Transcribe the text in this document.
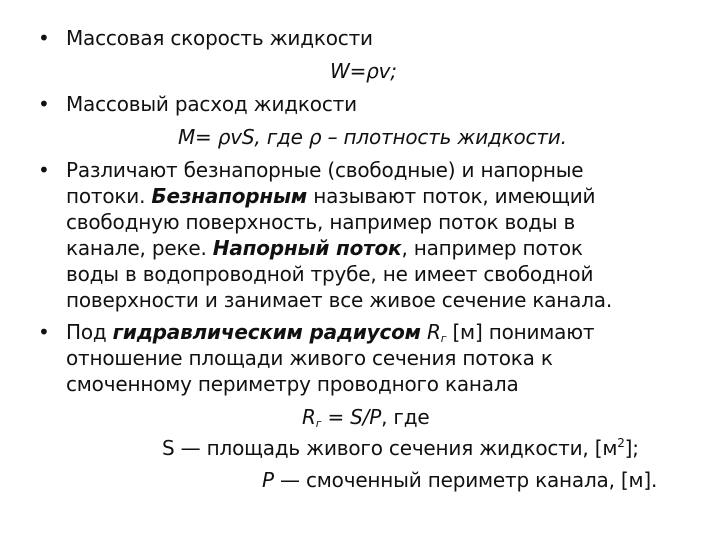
• Массовая скорость жидкости
W=ρv;
• Массовый расход жидкости
M= ρvS, где ρ – плотность жидкости.
• Различают безнапорные (свободные) и напорные
потоки. Безнапорным называют поток, имеющий
свободную поверхность, например поток воды в
канале, реке. Напорный поток, например поток
воды в водопроводной трубе, не имеет свободной
поверхности и занимает все живое сечение канала.
• Под гидравлическим радиусом $R_г$ [м] понимают
отношение площади живого сечения потока к
смоченному периметру проводного канала
$R_г = S/P$, где
S — площадь живого сечения жидкости, $[м^2]$;
P — смоченный периметр канала, [м].
